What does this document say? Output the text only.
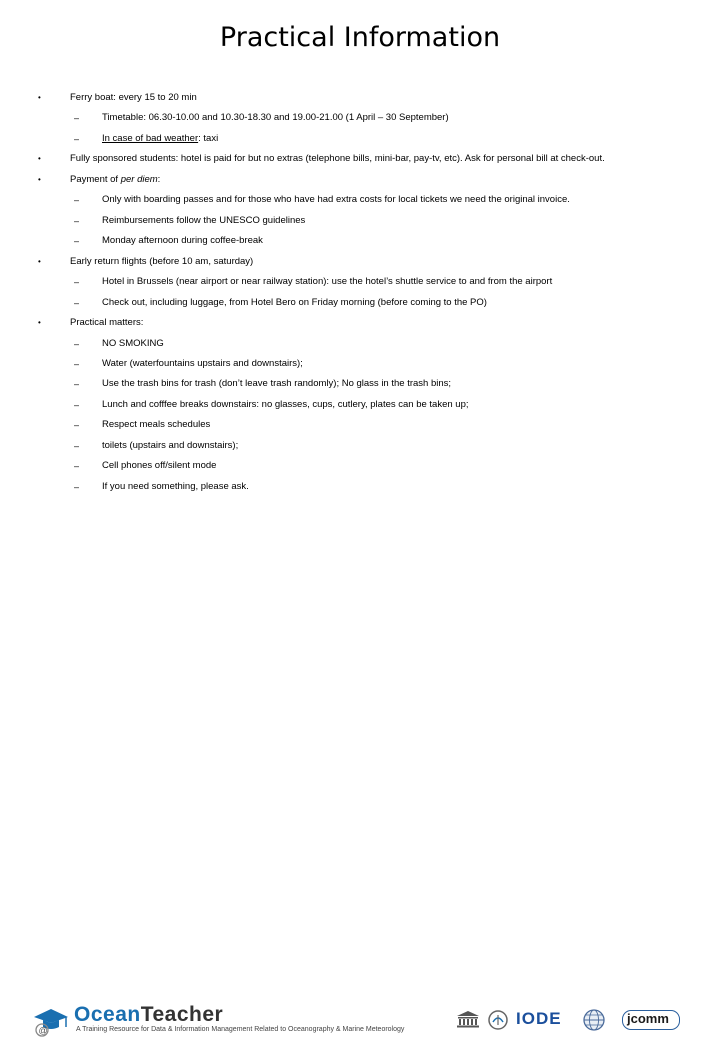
Practical Information
•	Ferry boat: every 15 to 20 min
– Timetable: 06.30-10.00 and 10.30-18.30 and 19.00-21.00 (1 April – 30 September)
– In case of bad weather: taxi
•	Fully sponsored students: hotel is paid for but no extras (telephone bills, mini-bar, pay-tv, etc). Ask for personal bill at check-out.
•	Payment of per diem:
– Only with boarding passes and for those who have had extra costs for local tickets we need the original invoice.
– Reimbursements follow the UNESCO guidelines
– Monday afternoon during coffee-break
•	Early return flights (before 10 am, saturday)
– Hotel in Brussels (near airport or near railway station): use the hotel’s shuttle service to and from the airport
– Check out, including luggage, from Hotel Bero on Friday morning (before coming to the PO)
•	Practical matters:
– NO SMOKING
– Water (waterfountains upstairs and downstairs);
– Use the trash bins for trash (don’t leave trash randomly); No glass in the trash bins;
– Lunch and cofffee breaks downstairs: no glasses, cups, cutlery, plates can be taken up;
– Respect meals schedules
– toilets (upstairs and downstairs);
– Cell phones off/silent mode
– If you need something, please ask.
@
OceanTeacher
A Training Resource for Data & Information Management Related to Oceanography & Marine Meteorology
IODE	jcomm
